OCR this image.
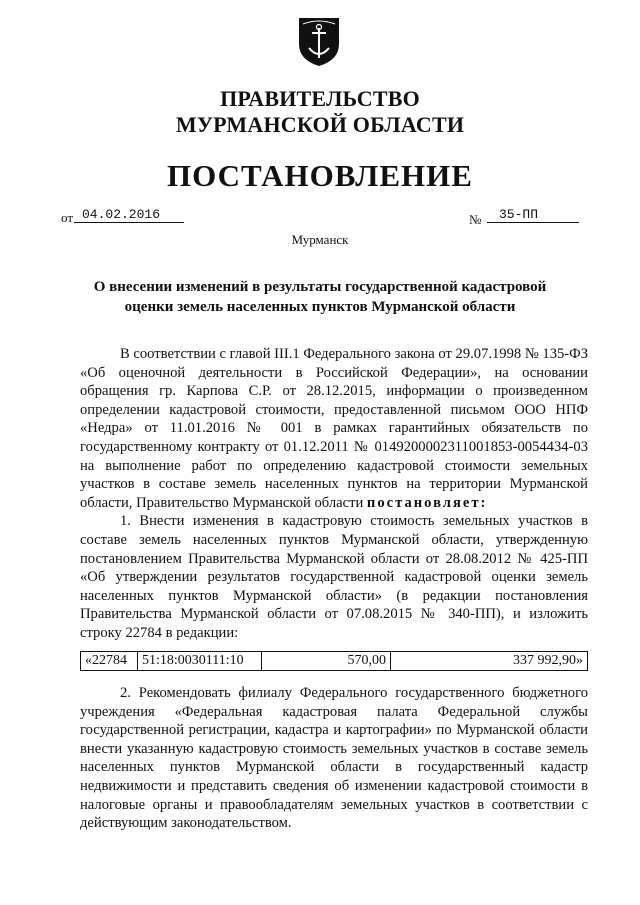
ПРАВИТЕЛЬСТВО
МУРМАНСКОЙ ОБЛАСТИ
ПОСТАНОВЛЕНИЕ
от 04.02.2016	№	35-ПП
Мурманск
О внесении изменений в результаты государственной кадастровой
оценки земель населенных пунктов Мурманской области

В соответствии с главой III.1 Федерального закона от 29.07.1998 № 135-ФЗ «Об оценочной деятельности в Российской Федерации», на основании обращения гр. Карпова С.Р. от 28.12.2015, информации о произведенном определении кадастровой стоимости, предоставленной письмом ООО НПФ «Недра» от 11.01.2016 № 001 в рамках гарантийных обязательств по государственному контракту от 01.12.2011 № 0149200002311001853-0054434-03 на выполнение работ по определению кадастровой стоимости земельных участков в составе земель населенных пунктов на территории Мурманской области, Правительство Мурманской области постановляет:

1. Внести изменения в кадастровую стоимость земельных участков в составе земель населенных пунктов Мурманской области, утвержденную постановлением Правительства Мурманской области от 28.08.2012 № 425-ПП «Об утверждении результатов государственной кадастровой оценки земель населенных пунктов Мурманской области» (в редакции постановления Правительства Мурманской области от 07.08.2015 № 340-ПП), и изложить строку 22784 в редакции:

«22784	51:18:0030111:10	570,00	337 992,90»

2. Рекомендовать филиалу Федерального государственного бюджетного учреждения «Федеральная кадастровая палата Федеральной службы государственной регистрации, кадастра и картографии» по Мурманской области внести указанную кадастровую стоимость земельных участков в составе земель населенных пунктов Мурманской области в государственный кадастр недвижимости и представить сведения об изменении кадастровой стоимости в налоговые органы и правообладателям земельных участков в соответствии с действующим законодательством.
